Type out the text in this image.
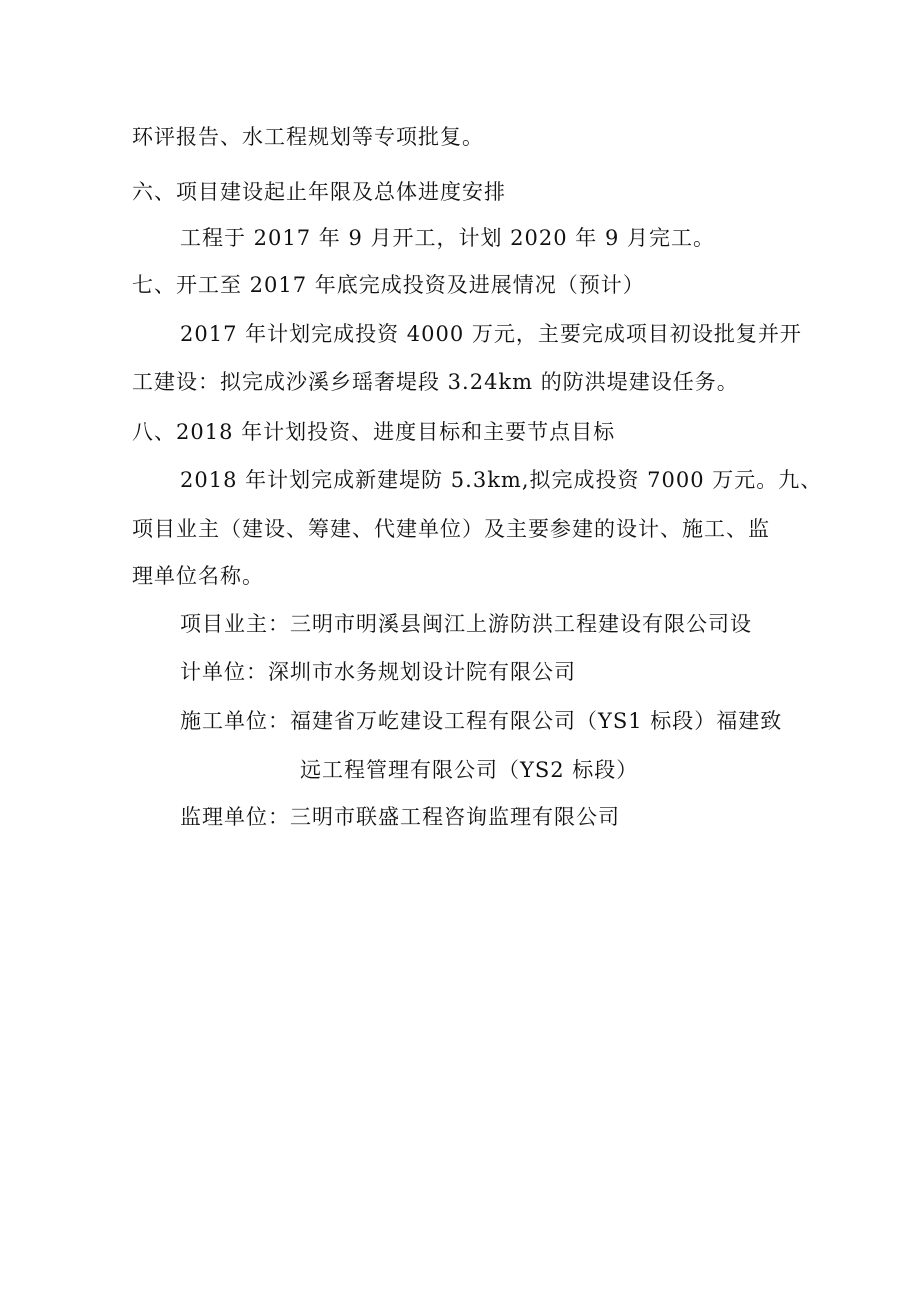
环评报告、水工程规划等专项批复。
六、项目建设起止年限及总体进度安排
工程于 2017 年 9 月开工，计划 2020 年 9 月完工。
七、开工至 2017 年底完成投资及进展情况（预计）
2017 年计划完成投资 4000 万元，主要完成项目初设批复并开
工建设：拟完成沙溪乡瑶奢堤段 3.24km 的防洪堤建设任务。
八、2018 年计划投资、进度目标和主要节点目标
2018 年计划完成新建堤防 5.3km,拟完成投资 7000 万元。九、
项目业主（建设、筹建、代建单位）及主要参建的设计、施工、监
理单位名称。
项目业主：三明市明溪县闽江上游防洪工程建设有限公司设
计单位：深圳市水务规划设计院有限公司
施工单位：福建省万屹建设工程有限公司（YS1 标段）福建致
远工程管理有限公司（YS2 标段）
监理单位：三明市联盛工程咨询监理有限公司
